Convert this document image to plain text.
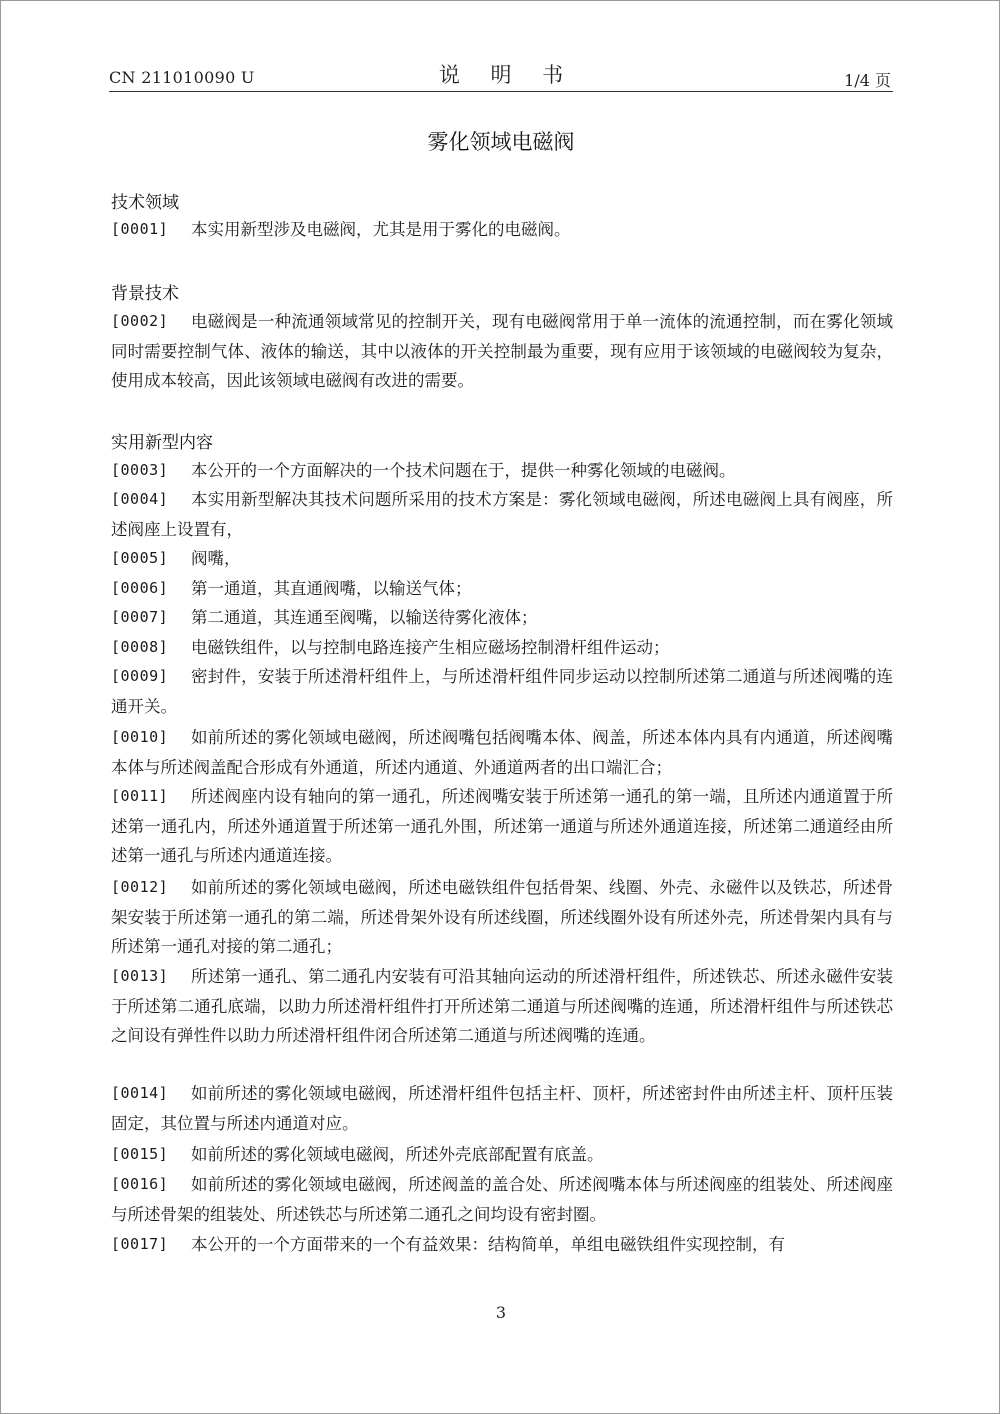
CN 211010090 U	说 明 书	1/4 页
雾化领域电磁阀
技术领域
[0001]	本实用新型涉及电磁阀，尤其是用于雾化的电磁阀。
背景技术
[0002]	电磁阀是一种流通领域常见的控制开关，现有电磁阀常用于单一流体的流通控制，而在雾化领域同时需要控制气体、液体的输送，其中以液体的开关控制最为重要，现有应用于该领域的电磁阀较为复杂，使用成本较高，因此该领域电磁阀有改进的需要。
实用新型内容
[0003]	本公开的一个方面解决的一个技术问题在于，提供一种雾化领域的电磁阀。
[0004]	本实用新型解决其技术问题所采用的技术方案是：雾化领域电磁阀，所述电磁阀上具有阀座，所述阀座上设置有，
[0005]	阀嘴，
[0006]	第一通道，其直通阀嘴，以输送气体；
[0007]	第二通道，其连通至阀嘴，以输送待雾化液体；
[0008]	电磁铁组件，以与控制电路连接产生相应磁场控制滑杆组件运动；
[0009]	密封件，安装于所述滑杆组件上，与所述滑杆组件同步运动以控制所述第二通道与所述阀嘴的连通开关。
[0010]	如前所述的雾化领域电磁阀，所述阀嘴包括阀嘴本体、阀盖，所述本体内具有内通道，所述阀嘴本体与所述阀盖配合形成有外通道，所述内通道、外通道两者的出口端汇合；
[0011]	所述阀座内设有轴向的第一通孔，所述阀嘴安装于所述第一通孔的第一端，且所述内通道置于所述第一通孔内，所述外通道置于所述第一通孔外围，所述第一通道与所述外通道连接，所述第二通道经由所述第一通孔与所述内通道连接。
[0012]	如前所述的雾化领域电磁阀，所述电磁铁组件包括骨架、线圈、外壳、永磁件以及铁芯，所述骨架安装于所述第一通孔的第二端，所述骨架外设有所述线圈，所述线圈外设有所述外壳，所述骨架内具有与所述第一通孔对接的第二通孔；
[0013]	所述第一通孔、第二通孔内安装有可沿其轴向运动的所述滑杆组件，所述铁芯、所述永磁件安装于所述第二通孔底端，以助力所述滑杆组件打开所述第二通道与所述阀嘴的连通，所述滑杆组件与所述铁芯之间设有弹性件以助力所述滑杆组件闭合所述第二通道与所述阀嘴的连通。
[0014]	如前所述的雾化领域电磁阀，所述滑杆组件包括主杆、顶杆，所述密封件由所述主杆、顶杆压装固定，其位置与所述内通道对应。
[0015]	如前所述的雾化领域电磁阀，所述外壳底部配置有底盖。
[0016]	如前所述的雾化领域电磁阀，所述阀盖的盖合处、所述阀嘴本体与所述阀座的组装处、所述阀座与所述骨架的组装处、所述铁芯与所述第二通孔之间均设有密封圈。
[0017]	本公开的一个方面带来的一个有益效果：结构简单，单组电磁铁组件实现控制，有
3
